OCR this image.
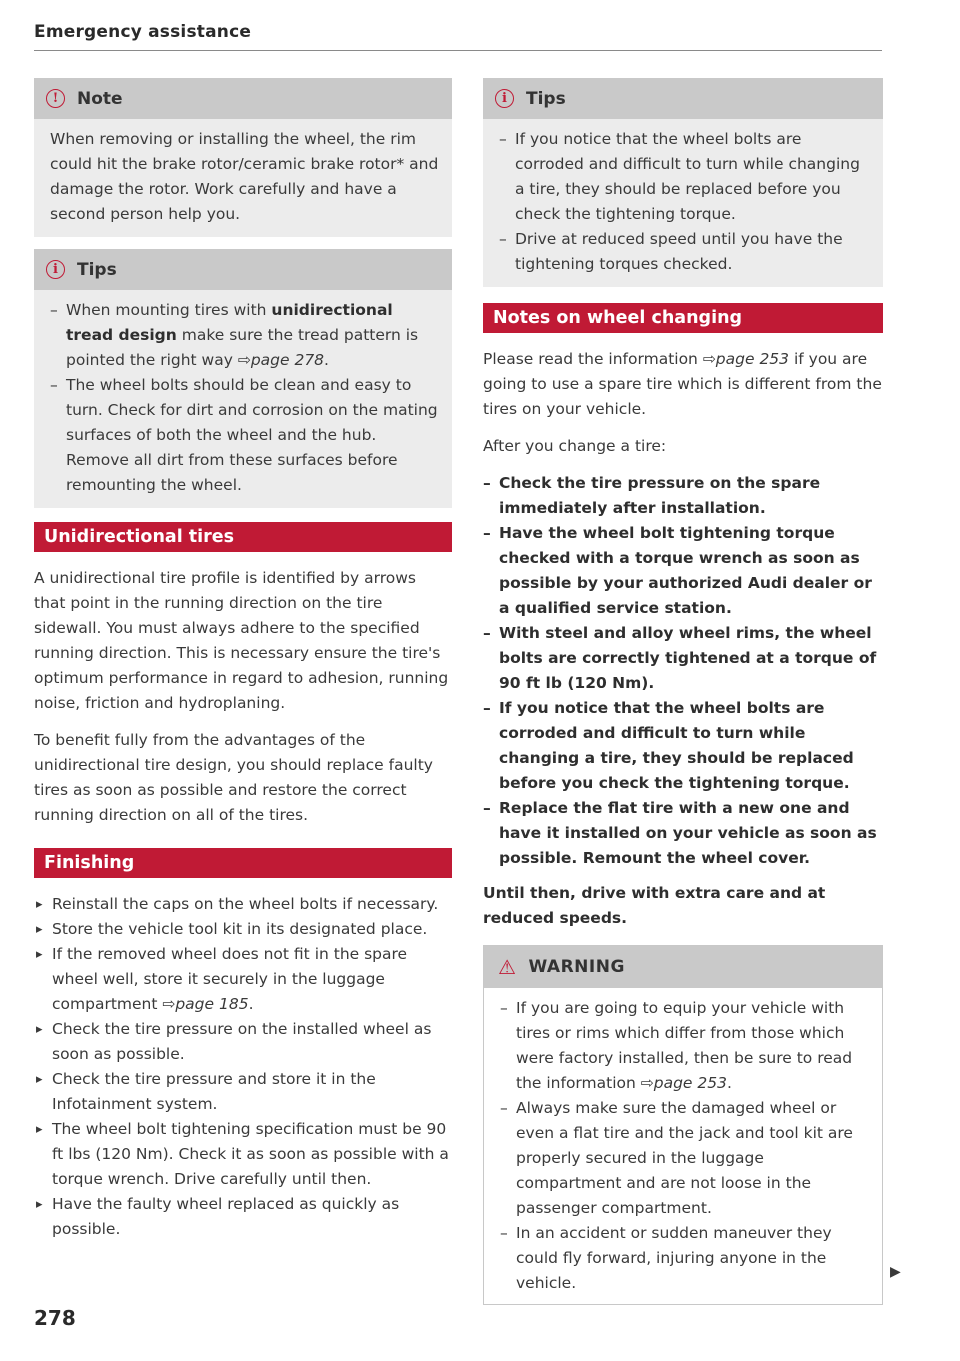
Emergency assistance
!	Note

When removing or installing the wheel, the rim could hit the brake rotor/ceramic brake rotor* and damage the rotor. Work carefully and have a second person help you.

i	Tips
– When mounting tires with unidirectional tread design make sure the tread pattern is pointed the right way ⇨page 278.
– The wheel bolts should be clean and easy to turn. Check for dirt and corrosion on the mating surfaces of both the wheel and the hub. Remove all dirt from these surfaces before remounting the wheel.
Unidirectional tires

A unidirectional tire profile is identified by arrows that point in the running direction on the tire sidewall. You must always adhere to the specified running direction. This is necessary ensure the tire's optimum performance in regard to adhesion, running noise, friction and hydroplaning.

To benefit fully from the advantages of the unidirectional tire design, you should replace faulty tires as soon as possible and restore the correct running direction on all of the tires.

Finishing
▸ Reinstall the caps on the wheel bolts if necessary.
▸ Store the vehicle tool kit in its designated place.
▸ If the removed wheel does not fit in the spare wheel well, store it securely in the luggage compartment ⇨page 185.
▸ Check the tire pressure on the installed wheel as soon as possible.
▸ Check the tire pressure and store it in the Infotainment system.
▸ The wheel bolt tightening specification must be 90 ft lbs (120 Nm). Check it as soon as possible with a torque wrench. Drive carefully until then.
▸ Have the faulty wheel replaced as quickly as possible.
i	Tips
– If you notice that the wheel bolts are corroded and difficult to turn while changing a tire, they should be replaced before you check the tightening torque.
– Drive at reduced speed until you have the tightening torques checked.
Notes on wheel changing

Please read the information ⇨page 253 if you are going to use a spare tire which is different from the tires on your vehicle.

After you change a tire:

– Check the tire pressure on the spare immediately after installation.
– Have the wheel bolt tightening torque checked with a torque wrench as soon as possible by your authorized Audi dealer or a qualified service station.
– With steel and alloy wheel rims, the wheel bolts are correctly tightened at a torque of 90 ft lb (120 Nm).
– If you notice that the wheel bolts are corroded and difficult to turn while changing a tire, they should be replaced before you check the tightening torque.
– Replace the flat tire with a new one and have it installed on your vehicle as soon as possible. Remount the wheel cover.

Until then, drive with extra care and at reduced speeds.

⚠ WARNING
– If you are going to equip your vehicle with tires or rims which differ from those which were factory installed, then be sure to read the information ⇨page 253.
– Always make sure the damaged wheel or even a flat tire and the jack and tool kit are properly secured in the luggage compartment and are not loose in the passenger compartment.
– In an accident or sudden maneuver they could fly forward, injuring anyone in the vehicle.
▶
278
